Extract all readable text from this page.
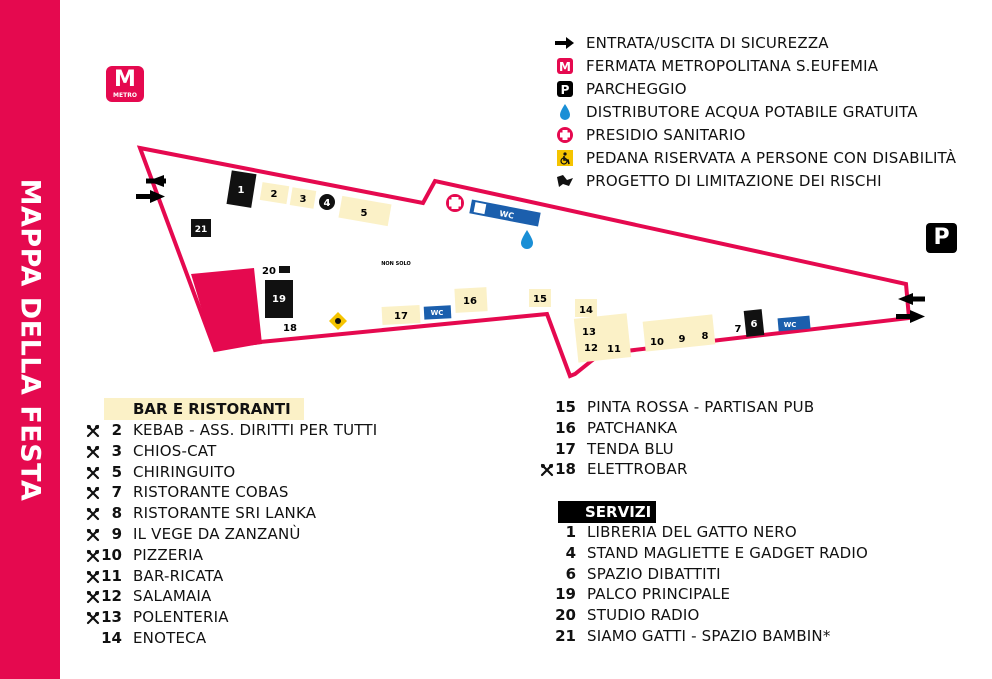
MAPPA DELLA FESTA
M
METRO
1	2 3 4
5
21
WC
NON SOLO
20
19
18
17	WC
16	15
14
13
12 11
10 9 8
7 6	WC
P
ENTRATA/USCITA DI SICUREZZA
M FERMATA METROPOLITANA S.EUFEMIA
P PARCHEGGIO
DISTRIBUTORE ACQUA POTABILE GRATUITA
PRESIDIO SANITARIO
PEDANA RISERVATA A PERSONE CON DISABILITÀ
PROGETTO DI LIMITAZIONE DEI RISCHI
BAR E RISTORANTI
2 KEBAB - ASS. DIRITTI PER TUTTI
3 CHIOS-CAT
5 CHIRINGUITO
7 RISTORANTE COBAS
8 RISTORANTE SRI LANKA
9 IL VEGE DA ZANZANÙ
10 PIZZERIA
11 BAR-RICATA
12 SALAMAIA
13 POLENTERIA
14 ENOTECA
15 PINTA ROSSA - PARTISAN PUB
16 PATCHANKA
17 TENDA BLU
18 ELETTROBAR
SERVIZI
1 LIBRERIA DEL GATTO NERO
4 STAND MAGLIETTE E GADGET RADIO
6 SPAZIO DIBATTITI
19 PALCO PRINCIPALE
20 STUDIO RADIO
21 SIAMO GATTI - SPAZIO BAMBIN*
